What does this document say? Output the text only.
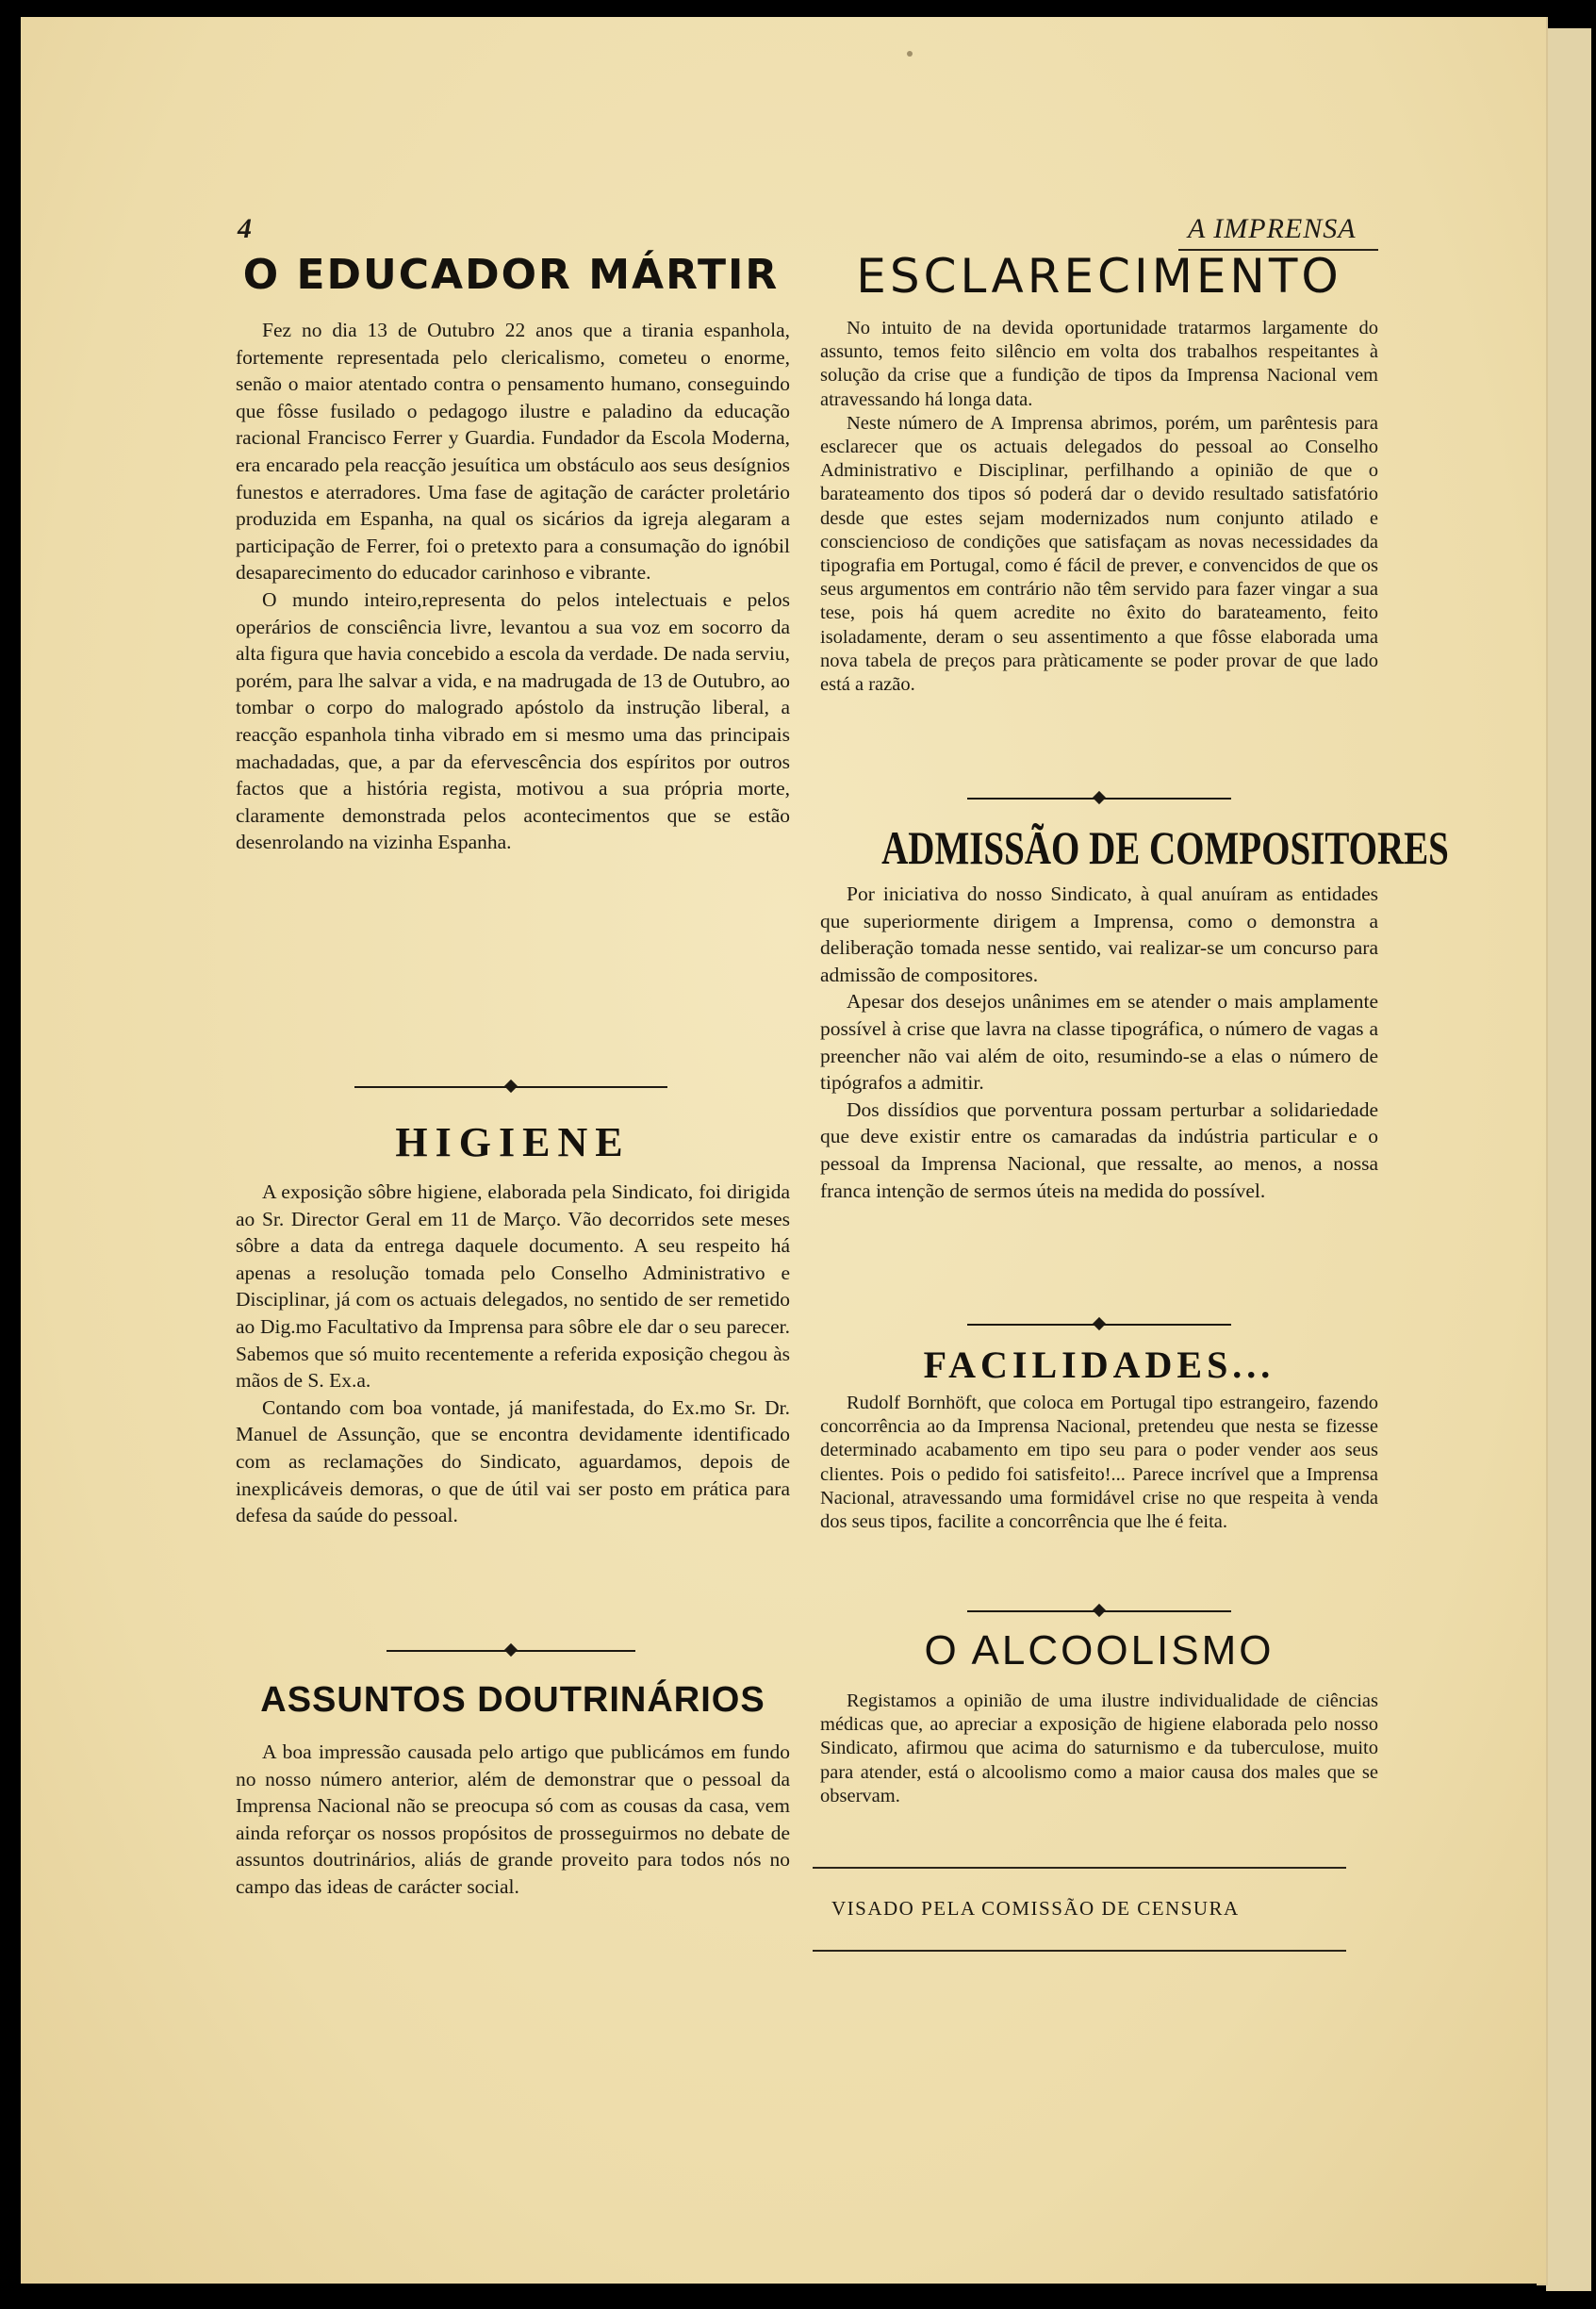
4	A IMPRENSA
O EDUCADOR MÁRTIR

Fez no dia 13 de Outubro 22 anos que a tirania espanhola, fortemente representada pelo clericalismo, cometeu o enorme, senão o maior atentado contra o pensamento humano, conseguindo que fôsse fusilado o pedagogo ilustre e paladino da educação racional Francisco Ferrer y Guardia. Fundador da Escola Moderna, era encarado pela reacção jesuítica um obstáculo aos seus desígnios funestos e aterradores. Uma fase de agitação de carácter proletário produzida em Espanha, na qual os sicários da igreja alegaram a participação de Ferrer, foi o pretexto para a consumação do ignóbil desaparecimento do educador carinhoso e vibrante.

O mundo inteiro,representa do pelos intelectuais e pelos operários de consciência livre, levantou a sua voz em socorro da alta figura que havia concebido a escola da verdade. De nada serviu, porém, para lhe salvar a vida, e na madrugada de 13 de Outubro, ao tombar o corpo do malogrado apóstolo da instrução liberal, a reacção espanhola tinha vibrado em si mesmo uma das principais machadadas, que, a par da efervescência dos espíritos por outros factos que a história regista, motivou a sua própria morte, claramente demonstrada pelos acontecimentos que se estão desenrolando na vizinha Espanha.

HIGIENE

A exposição sôbre higiene, elaborada pela Sindicato, foi dirigida ao Sr. Director Geral em 11 de Março. Vão decorridos sete meses sôbre a data da entrega daquele documento. A seu respeito há apenas a resolução tomada pelo Conselho Administrativo e Disciplinar, já com os actuais delegados, no sentido de ser remetido ao Dig.mo Facultativo da Imprensa para sôbre ele dar o seu parecer. Sabemos que só muito recentemente a referida exposição chegou às mãos de S. Ex.a.

Contando com boa vontade, já manifestada, do Ex.mo Sr. Dr. Manuel de Assunção, que se encontra devidamente identificado com as reclamações do Sindicato, aguardamos, depois de inexplicáveis demoras, o que de útil vai ser posto em prática para defesa da saúde do pessoal.

ASSUNTOS DOUTRINÁRIOS

A boa impressão causada pelo artigo que publicámos em fundo no nosso número anterior, além de demonstrar que o pessoal da Imprensa Nacional não se preocupa só com as cousas da casa, vem ainda reforçar os nossos propósitos de prosseguirmos no debate de assuntos doutrinários, aliás de grande proveito para todos nós no campo das ideas de carácter social.

ESCLARECIMENTO

No intuito de na devida oportunidade tratarmos largamente do assunto, temos feito silêncio em volta dos trabalhos respeitantes à solução da crise que a fundição de tipos da Imprensa Nacional vem atravessando há longa data.

Neste número de A Imprensa abrimos, porém, um parêntesis para esclarecer que os actuais delegados do pessoal ao Conselho Administrativo e Disciplinar, perfilhando a opinião de que o barateamento dos tipos só poderá dar o devido resultado satisfatório desde que estes sejam modernizados num conjunto atilado e consciencioso de condições que satisfaçam as novas necessidades da tipografia em Portugal, como é fácil de prever, e convencidos de que os seus argumentos em contrário não têm servido para fazer vingar a sua tese, pois há quem acredite no êxito do barateamento, feito isoladamente, deram o seu assentimento a que fôsse elaborada uma nova tabela de preços para pràticamente se poder provar de que lado está a razão.

ADMISSÃO DE COMPOSITORES

Por iniciativa do nosso Sindicato, à qual anuíram as entidades que superiormente dirigem a Imprensa, como o demonstra a deliberação tomada nesse sentido, vai realizar-se um concurso para admissão de compositores.

Apesar dos desejos unânimes em se atender o mais amplamente possível à crise que lavra na classe tipográfica, o número de vagas a preencher não vai além de oito, resumindo-se a elas o número de tipógrafos a admitir.

Dos dissídios que porventura possam perturbar a solidariedade que deve existir entre os camaradas da indústria particular e o pessoal da Imprensa Nacional, que ressalte, ao menos, a nossa franca intenção de sermos úteis na medida do possível.

FACILIDADES...

Rudolf Bornhöft, que coloca em Portugal tipo estrangeiro, fazendo concorrência ao da Imprensa Nacional, pretendeu que nesta se fizesse determinado acabamento em tipo seu para o poder vender aos seus clientes. Pois o pedido foi satisfeito!... Parece incrível que a Imprensa Nacional, atravessando uma formidável crise no que respeita à venda dos seus tipos, facilite a concorrência que lhe é feita.

O ALCOOLISMO

Registamos a opinião de uma ilustre individualidade de ciências médicas que, ao apreciar a exposição de higiene elaborada pelo nosso Sindicato, afirmou que acima do saturnismo e da tuberculose, muito para atender, está o alcoolismo como a maior causa dos males que se observam.

VISADO PELA COMISSÃO DE CENSURA
